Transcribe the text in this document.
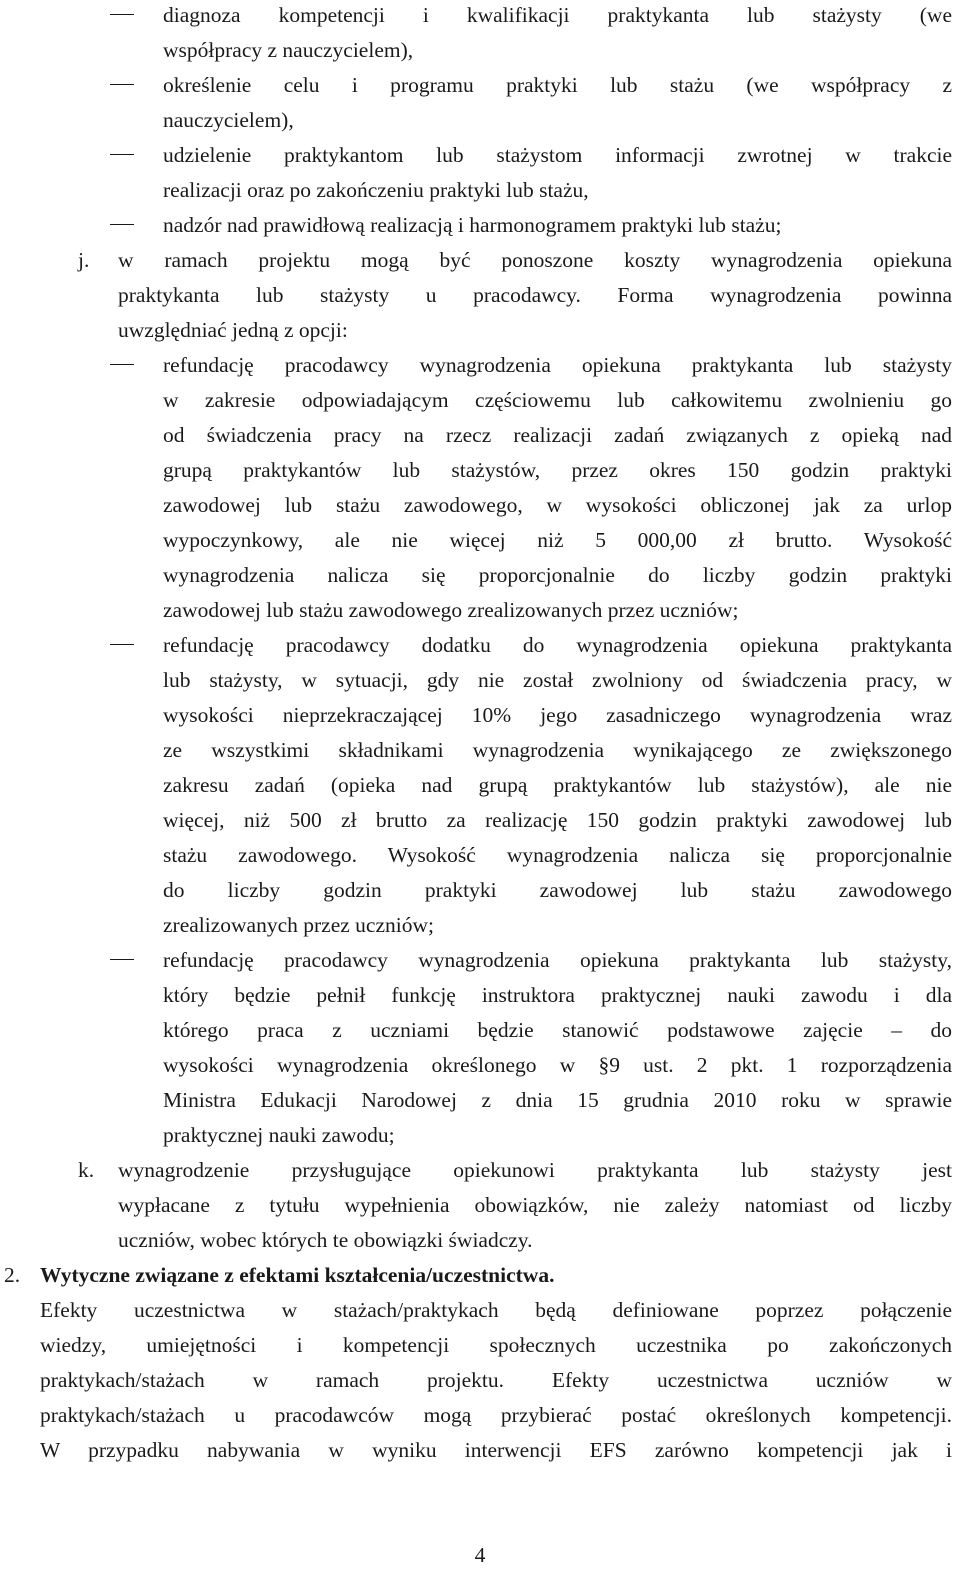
diagnoza kompetencji i kwalifikacji praktykanta lub stażysty (we
współpracy z nauczycielem),
określenie celu i programu praktyki lub stażu (we współpracy z
nauczycielem),
udzielenie praktykantom lub stażystom informacji zwrotnej w trakcie
realizacji oraz po zakończeniu praktyki lub stażu,
nadzór nad prawidłową realizacją i harmonogramem praktyki lub stażu;
j. w ramach projektu mogą być ponoszone koszty wynagrodzenia opiekuna
praktykanta lub stażysty u pracodawcy. Forma wynagrodzenia powinna
uwzględniać jedną z opcji:
refundację pracodawcy wynagrodzenia opiekuna praktykanta lub stażysty
w zakresie odpowiadającym częściowemu lub całkowitemu zwolnieniu go
od świadczenia pracy na rzecz realizacji zadań związanych z opieką nad
grupą praktykantów lub stażystów, przez okres 150 godzin praktyki
zawodowej lub stażu zawodowego, w wysokości obliczonej jak za urlop
wypoczynkowy, ale nie więcej niż 5 000,00 zł brutto. Wysokość
wynagrodzenia nalicza się proporcjonalnie do liczby godzin praktyki
zawodowej lub stażu zawodowego zrealizowanych przez uczniów;
refundację pracodawcy dodatku do wynagrodzenia opiekuna praktykanta
lub stażysty, w sytuacji, gdy nie został zwolniony od świadczenia pracy, w
wysokości nieprzekraczającej 10% jego zasadniczego wynagrodzenia wraz
ze wszystkimi składnikami wynagrodzenia wynikającego ze zwiększonego
zakresu zadań (opieka nad grupą praktykantów lub stażystów), ale nie
więcej, niż 500 zł brutto za realizację 150 godzin praktyki zawodowej lub
stażu zawodowego. Wysokość wynagrodzenia nalicza się proporcjonalnie
do liczby godzin praktyki zawodowej lub stażu zawodowego
zrealizowanych przez uczniów;
refundację pracodawcy wynagrodzenia opiekuna praktykanta lub stażysty,
który będzie pełnił funkcję instruktora praktycznej nauki zawodu i dla
którego praca z uczniami będzie stanowić podstawowe zajęcie – do
wysokości wynagrodzenia określonego w §9 ust. 2 pkt. 1 rozporządzenia
Ministra Edukacji Narodowej z dnia 15 grudnia 2010 roku w sprawie
praktycznej nauki zawodu;
k. wynagrodzenie przysługujące opiekunowi praktykanta lub stażysty jest
wypłacane z tytułu wypełnienia obowiązków, nie zależy natomiast od liczby
uczniów, wobec których te obowiązki świadczy.
2. Wytyczne związane z efektami kształcenia/uczestnictwa.
Efekty uczestnictwa w stażach/praktykach będą definiowane poprzez połączenie
wiedzy, umiejętności i kompetencji społecznych uczestnika po zakończonych
praktykach/stażach w ramach projektu. Efekty uczestnictwa uczniów w
praktykach/stażach u pracodawców mogą przybierać postać określonych kompetencji.
W przypadku nabywania w wyniku interwencji EFS zarówno kompetencji jak i
4
